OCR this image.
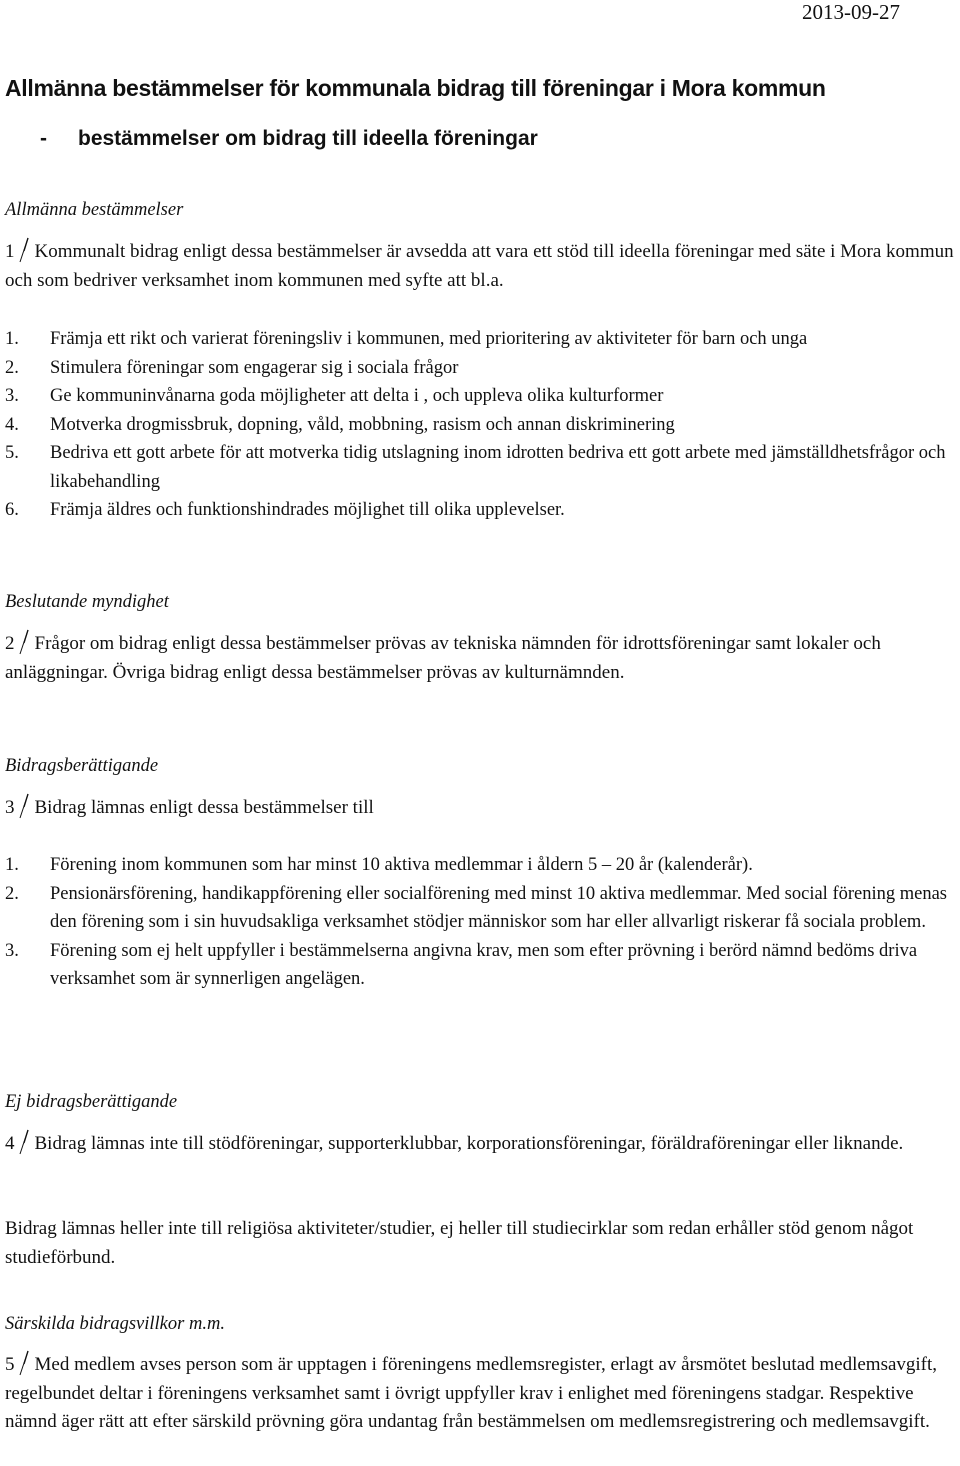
2013-09-27
Allmänna bestämmelser för kommunala bidrag till föreningar i Mora kommun
- bestämmelser om bidrag till ideella föreningar
Allmänna bestämmelser

1 Kommunalt bidrag enligt dessa bestämmelser är avsedda att vara ett stöd till ideella föreningar med säte i Mora kommun och som bedriver verksamhet inom kommunen med syfte att bl.a.

1. Främja ett rikt och varierat föreningsliv i kommunen, med prioritering av aktiviteter för barn och unga
2. Stimulera föreningar som engagerar sig i sociala frågor
3. Ge kommuninvånarna goda möjligheter att delta i , och uppleva olika kulturformer
4. Motverka drogmissbruk, dopning, våld, mobbning, rasism och annan diskriminering
5. Bedriva ett gott arbete för att motverka tidig utslagning inom idrotten bedriva ett gott arbete med jämställdhetsfrågor och likabehandling
6. Främja äldres och funktionshindrades möjlighet till olika upplevelser.
Beslutande myndighet

2 Frågor om bidrag enligt dessa bestämmelser prövas av tekniska nämnden för idrottsföreningar samt lokaler och anläggningar. Övriga bidrag enligt dessa bestämmelser prövas av kulturnämnden.

Bidragsberättigande

3 Bidrag lämnas enligt dessa bestämmelser till

1. Förening inom kommunen som har minst 10 aktiva medlemmar i åldern 5 – 20 år (kalenderår).
2. Pensionärsförening, handikappförening eller socialförening med minst 10 aktiva medlemmar. Med social förening menas den förening som i sin huvudsakliga verksamhet stödjer människor som har eller allvarligt riskerar få sociala problem.
3. Förening som ej helt uppfyller i bestämmelserna angivna krav, men som efter prövning i berörd nämnd bedöms driva verksamhet som är synnerligen angelägen.
Ej bidragsberättigande

4 Bidrag lämnas inte till stödföreningar, supporterklubbar, korporationsföreningar, föräldraföreningar eller liknande.

Bidrag lämnas heller inte till religiösa aktiviteter/studier, ej heller till studiecirklar som redan erhåller stöd genom något studieförbund.

Särskilda bidragsvillkor m.m.

5 Med medlem avses person som är upptagen i föreningens medlemsregister, erlagt av årsmötet beslutad medlemsavgift, regelbundet deltar i föreningens verksamhet samt i övrigt uppfyller krav i enlighet med föreningens stadgar. Respektive nämnd äger rätt att efter särskild prövning göra undantag från bestämmelsen om medlemsregistrering och medlemsavgift.
